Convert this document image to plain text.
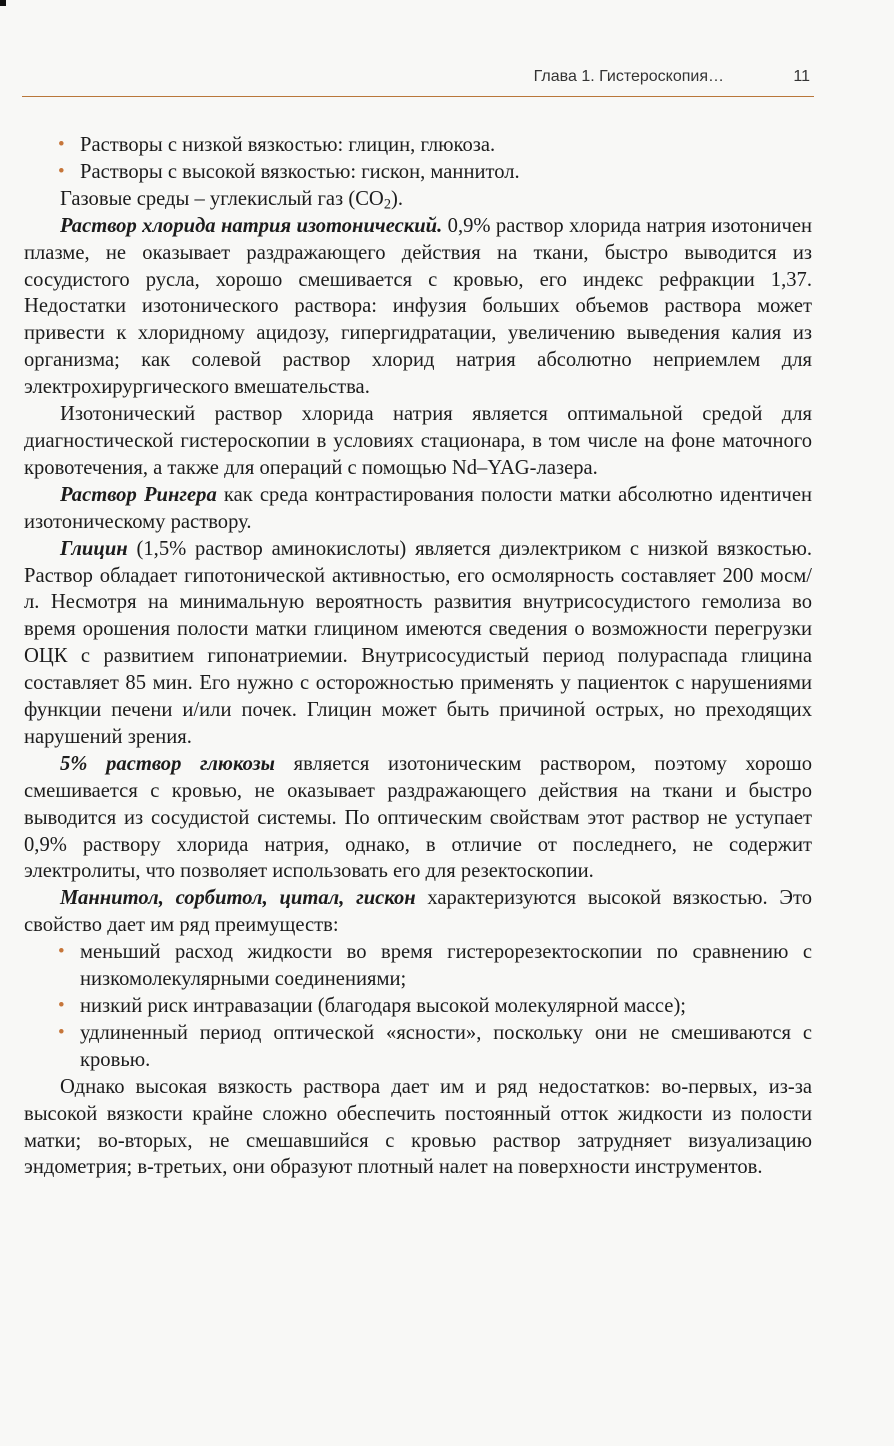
Глава 1. Гистероскопия…	11
• Растворы с низкой вязкостью: глицин, глюкоза.
• Растворы с высокой вязкостью: гискон, маннитол.

Газовые среды – углекислый газ $(CO_2)$.

Раствор хлорида натрия изотонический. 0,9% раствор хлорида натрия изотоничен плазме, не оказывает раздражающего действия на ткани, быстро выводится из сосудистого русла, хорошо смешивается с кровью, его индекс рефракции 1,37. Недостатки изотонического раствора: инфузия больших объемов раствора может привести к хлоридному ацидозу, гипергидратации, увеличению выведения калия из организма; как солевой раствор хлорид натрия абсолютно неприемлем для электрохирургического вмешательства.

Изотонический раствор хлорида натрия является оптимальной средой для диагностической гистероскопии в условиях стационара, в том числе на фоне маточного кровотечения, а также для операций с помощью Nd–YAG-лазера.

Раствор Рингера как среда контрастирования полости матки абсолютно идентичен изотоническому раствору.

Глицин (1,5% раствор аминокислоты) является диэлектриком с низкой вязкостью. Раствор обладает гипотонической активностью, его осмолярность составляет 200 мосм/л. Несмотря на минимальную вероятность развития внутрисосудистого гемолиза во время орошения полости матки глицином имеются сведения о возможности перегрузки ОЦК с развитием гипонатриемии. Внутрисосудистый период полураспада глицина составляет 85 мин. Его нужно с осторожностью применять у пациенток с нарушениями функции печени и/или почек. Глицин может быть причиной острых, но преходящих нарушений зрения.

5% раствор глюкозы является изотоническим раствором, поэтому хорошо смешивается с кровью, не оказывает раздражающего действия на ткани и быстро выводится из сосудистой системы. По оптическим свойствам этот раствор не уступает 0,9% раствору хлорида натрия, однако, в отличие от последнего, не содержит электролиты, что позволяет использовать его для резектоскопии.

Маннитол, сорбитол, цитал, гискон характеризуются высокой вязкостью. Это свойство дает им ряд преимуществ:

• меньший расход жидкости во время гистерорезектоскопии по сравнению с низкомолекулярными соединениями;
• низкий риск интравазации (благодаря высокой молекулярной массе);
• удлиненный период оптической «ясности», поскольку они не смешиваются с кровью.

Однако высокая вязкость раствора дает им и ряд недостатков: во-первых, из-за высокой вязкости крайне сложно обеспечить постоянный отток жидкости из полости матки; во-вторых, не смешавшийся с кровью раствор затрудняет визуализацию эндометрия; в-третьих, они образуют плотный налет на поверхности инструментов.
